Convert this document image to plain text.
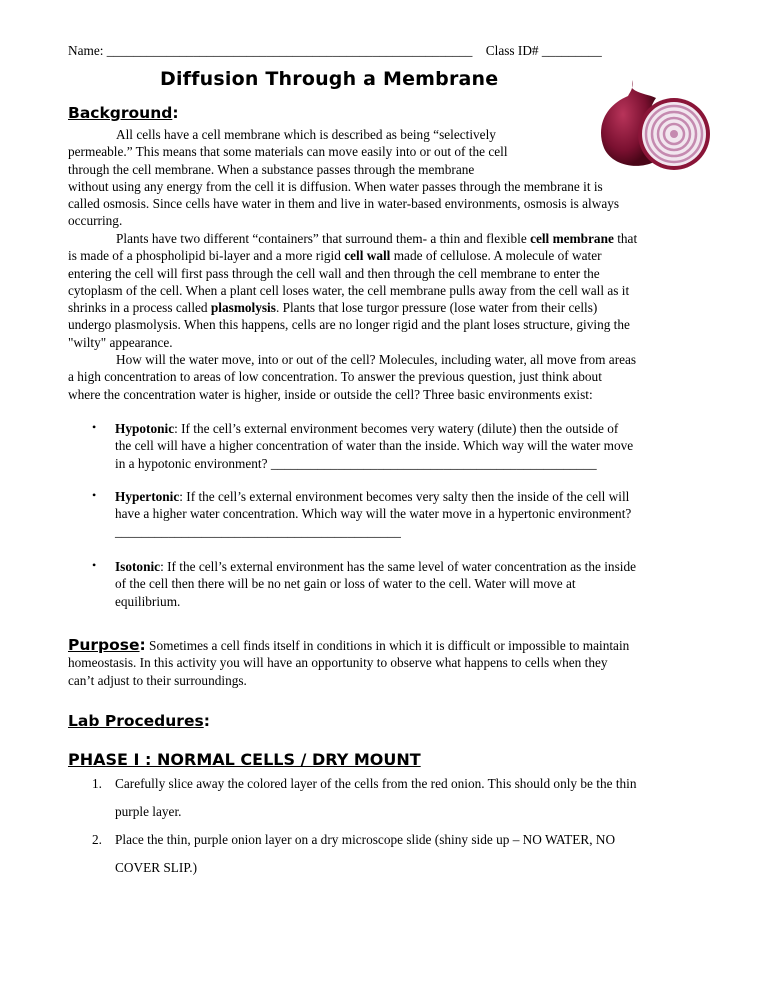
Name: _______________________________________________________ Class ID# _________
Diffusion Through a Membrane
Background:
All cells have a cell membrane which is described as being “selectively
permeable.” This means that some materials can move easily into or out of the cell
through the cell membrane. When a substance passes through the membrane
without using any energy from the cell it is diffusion. When water passes through the membrane it is
called osmosis. Since cells have water in them and live in water-based environments, osmosis is always
occurring.
Plants have two different “containers” that surround them- a thin and flexible cell membrane that
is made of a phospholipid bi-layer and a more rigid cell wall made of cellulose. A molecule of water
entering the cell will first pass through the cell wall and then through the cell membrane to enter the
cytoplasm of the cell. When a plant cell loses water, the cell membrane pulls away from the cell wall as it
shrinks in a process called plasmolysis. Plants that lose turgor pressure (lose water from their cells)
undergo plasmolysis. When this happens, cells are no longer rigid and the plant loses structure, giving the
"wilty" appearance.
How will the water move, into or out of the cell? Molecules, including water, all move from areas
a high concentration to areas of low concentration. To answer the previous question, just think about
where the concentration water is higher, inside or outside the cell? Three basic environments exist:
• Hypotonic: If the cell’s external environment becomes very watery (dilute) then the outside of
the cell will have a higher concentration of water than the inside. Which way will the water move
in a hypotonic environment? _________________________________________________
• Hypertonic: If the cell’s external environment becomes very salty then the inside of the cell will
have a higher water concentration. Which way will the water move in a hypertonic environment?
___________________________________________
• Isotonic: If the cell’s external environment has the same level of water concentration as the inside
of the cell then there will be no net gain or loss of water to the cell. Water will move at
equilibrium.
Purpose: Sometimes a cell finds itself in conditions in which it is difficult or impossible to maintain
homeostasis. In this activity you will have an opportunity to observe what happens to cells when they
can’t adjust to their surroundings.
Lab Procedures:
PHASE I : NORMAL CELLS / DRY MOUNT
1. Carefully slice away the colored layer of the cells from the red onion. This should only be the thin
purple layer.
2. Place the thin, purple onion layer on a dry microscope slide (shiny side up – NO WATER, NO
COVER SLIP.)
